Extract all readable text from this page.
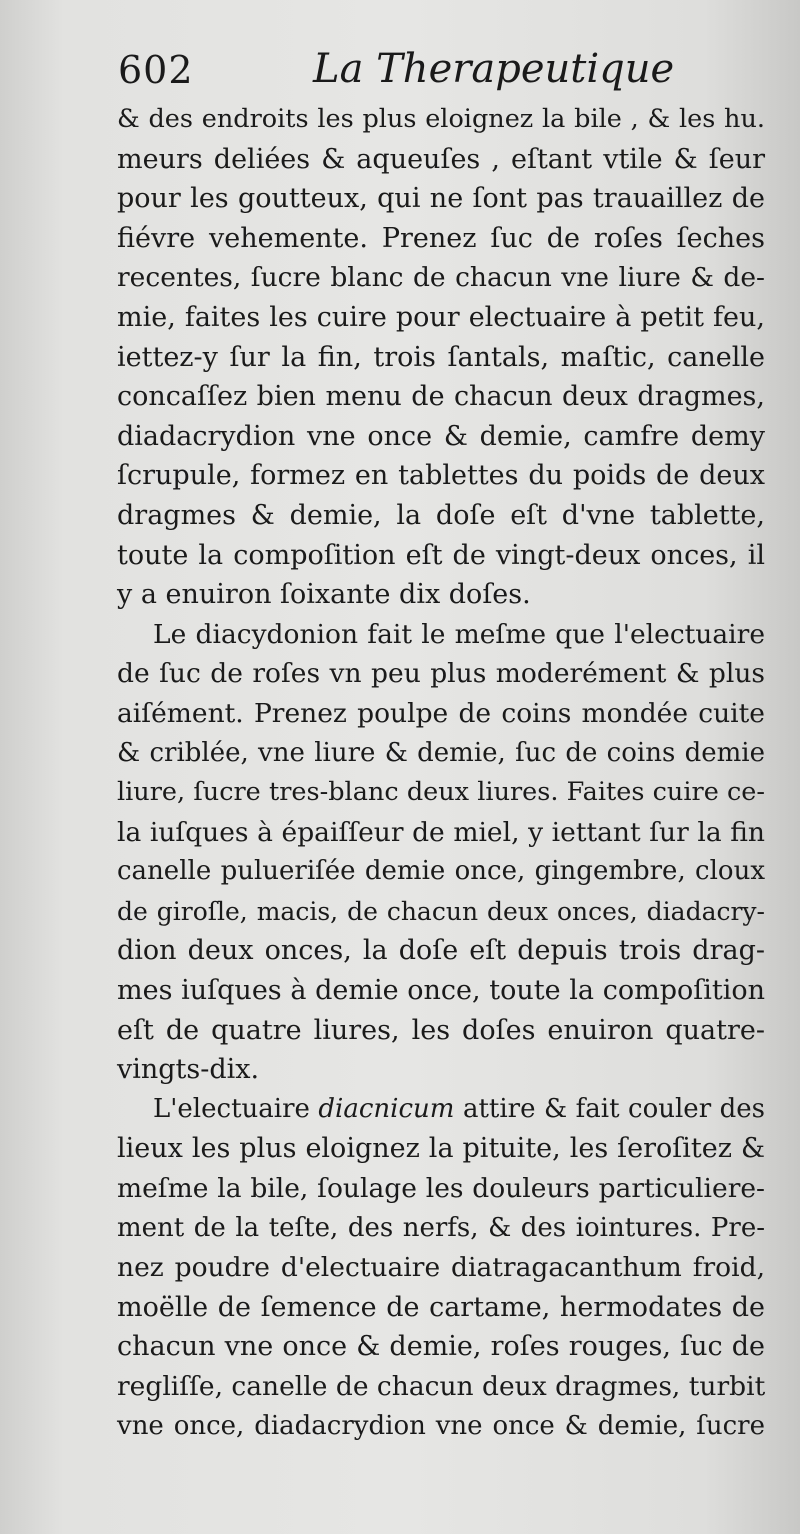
602	La Therapeutique
& des endroits les plus eloignez la bile , & les hu.
meurs deliées & aqueuſes , eſtant vtile & ſeur
pour les goutteux, qui ne ſont pas trauaillez de
fiévre vehemente. Prenez ſuc de roſes ſeches
recentes, ſucre blanc de chacun vne liure & de-
mie, faites les cuire pour electuaire à petit feu,
iettez-y ſur la fin, trois ſantals, maſtic, canelle
concaſſez bien menu de chacun deux dragmes,
diadacrydion vne once & demie, camfre demy
ſcrupule, formez en tablettes du poids de deux
dragmes & demie, la doſe eſt d'vne tablette,
toute la compoſition eſt de vingt-deux onces, il
y a enuiron ſoixante dix doſes.
Le diacydonion fait le meſme que l'electuaire
de ſuc de roſes vn peu plus moderément & plus
aiſément. Prenez poulpe de coins mondée cuite
& criblée, vne liure & demie, ſuc de coins demie
liure, ſucre tres-blanc deux liures. Faites cuire ce-
la iuſques à épaiſſeur de miel, y iettant ſur la fin
canelle pulueriſée demie once, gingembre, cloux
de giroſle, macis, de chacun deux onces, diadacry-
dion deux onces, la doſe eſt depuis trois drag-
mes iuſques à demie once, toute la compoſition
eſt de quatre liures, les doſes enuiron quatre-
vingts-dix.
L'electuaire diacnicum attire & fait couler des
lieux les plus eloignez la pituite, les ſeroſitez &
meſme la bile, ſoulage les douleurs particuliere-
ment de la teſte, des nerfs, & des iointures. Pre-
nez poudre d'electuaire diatragacanthum froid,
moëlle de ſemence de cartame, hermodates de
chacun vne once & demie, roſes rouges, ſuc de
regliſſe, canelle de chacun deux dragmes, turbit
vne once, diadacrydion vne once & demie, ſucre
